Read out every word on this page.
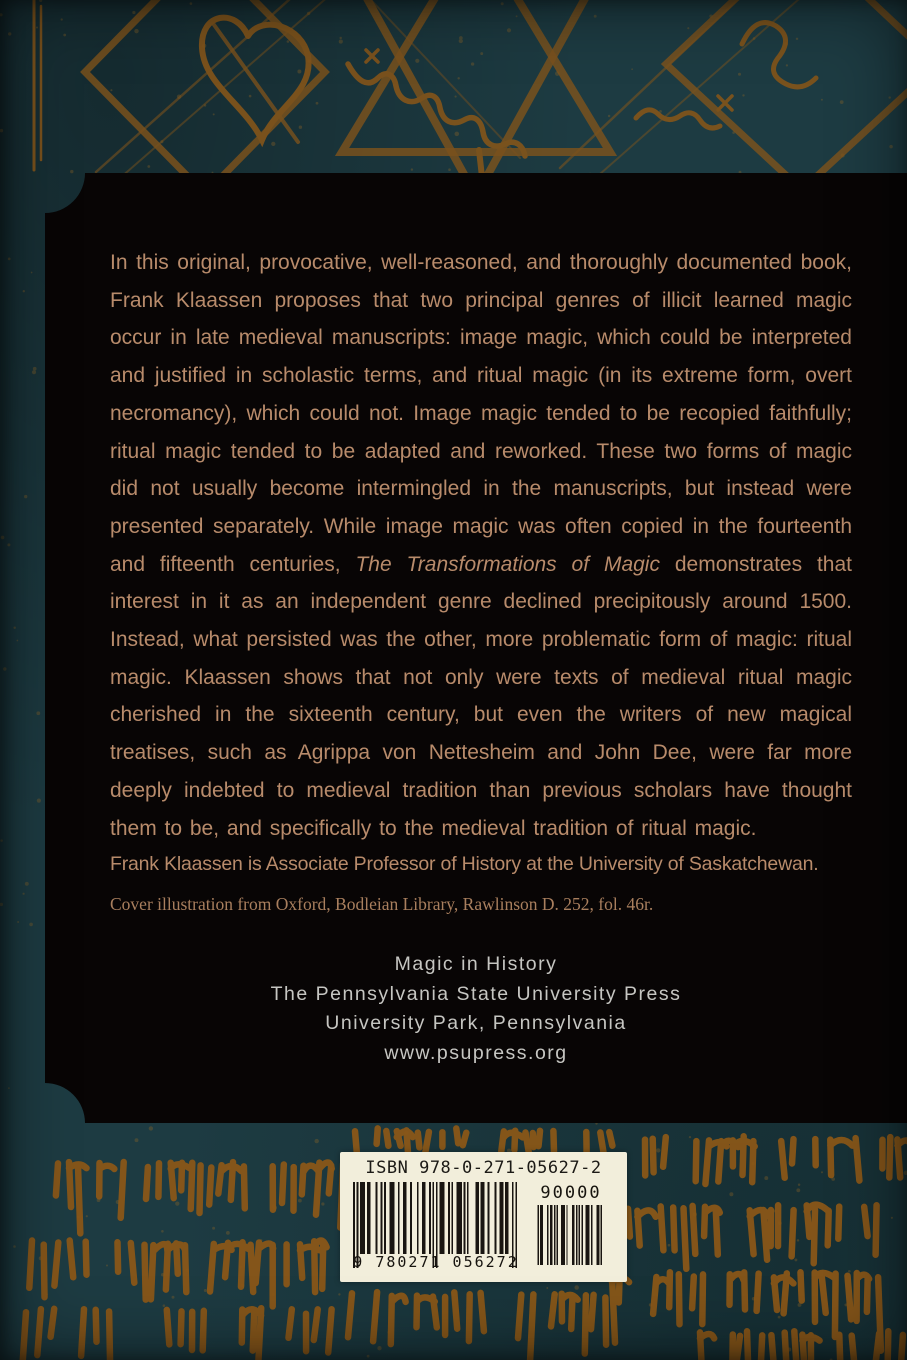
In this original, provocative, well-reasoned, and thoroughly documented book, Frank Klaassen proposes that two principal genres of illicit learned magic occur in late medieval manuscripts: image magic, which could be interpreted and justified in scholastic terms, and ritual magic (in its extreme form, overt necromancy), which could not. Image magic tended to be recopied faithfully; ritual magic tended to be adapted and reworked. These two forms of magic did not usually become intermingled in the manuscripts, but instead were presented separately. While image magic was often copied in the fourteenth and fifteenth centuries, The Transformations of Magic demonstrates that interest in it as an independent genre declined precipitously around 1500. Instead, what persisted was the other, more problematic form of magic: ritual magic. Klaassen shows that not only were texts of medieval ritual magic cherished in the sixteenth century, but even the writers of new magical treatises, such as Agrippa von Nettesheim and John Dee, were far more deeply indebted to medieval tradition than previous scholars have thought them to be, and specifically to the medieval tradition of ritual magic.

Frank Klaassen is Associate Professor of History at the University of Saskatchewan.

Cover illustration from Oxford, Bodleian Library, Rawlinson D. 252, fol. 46r.

Magic in History
The Pennsylvania State University Press
University Park, Pennsylvania
www.psupress.org
ISBN 978-0-271-05627-2
9 780271 056272
90000
